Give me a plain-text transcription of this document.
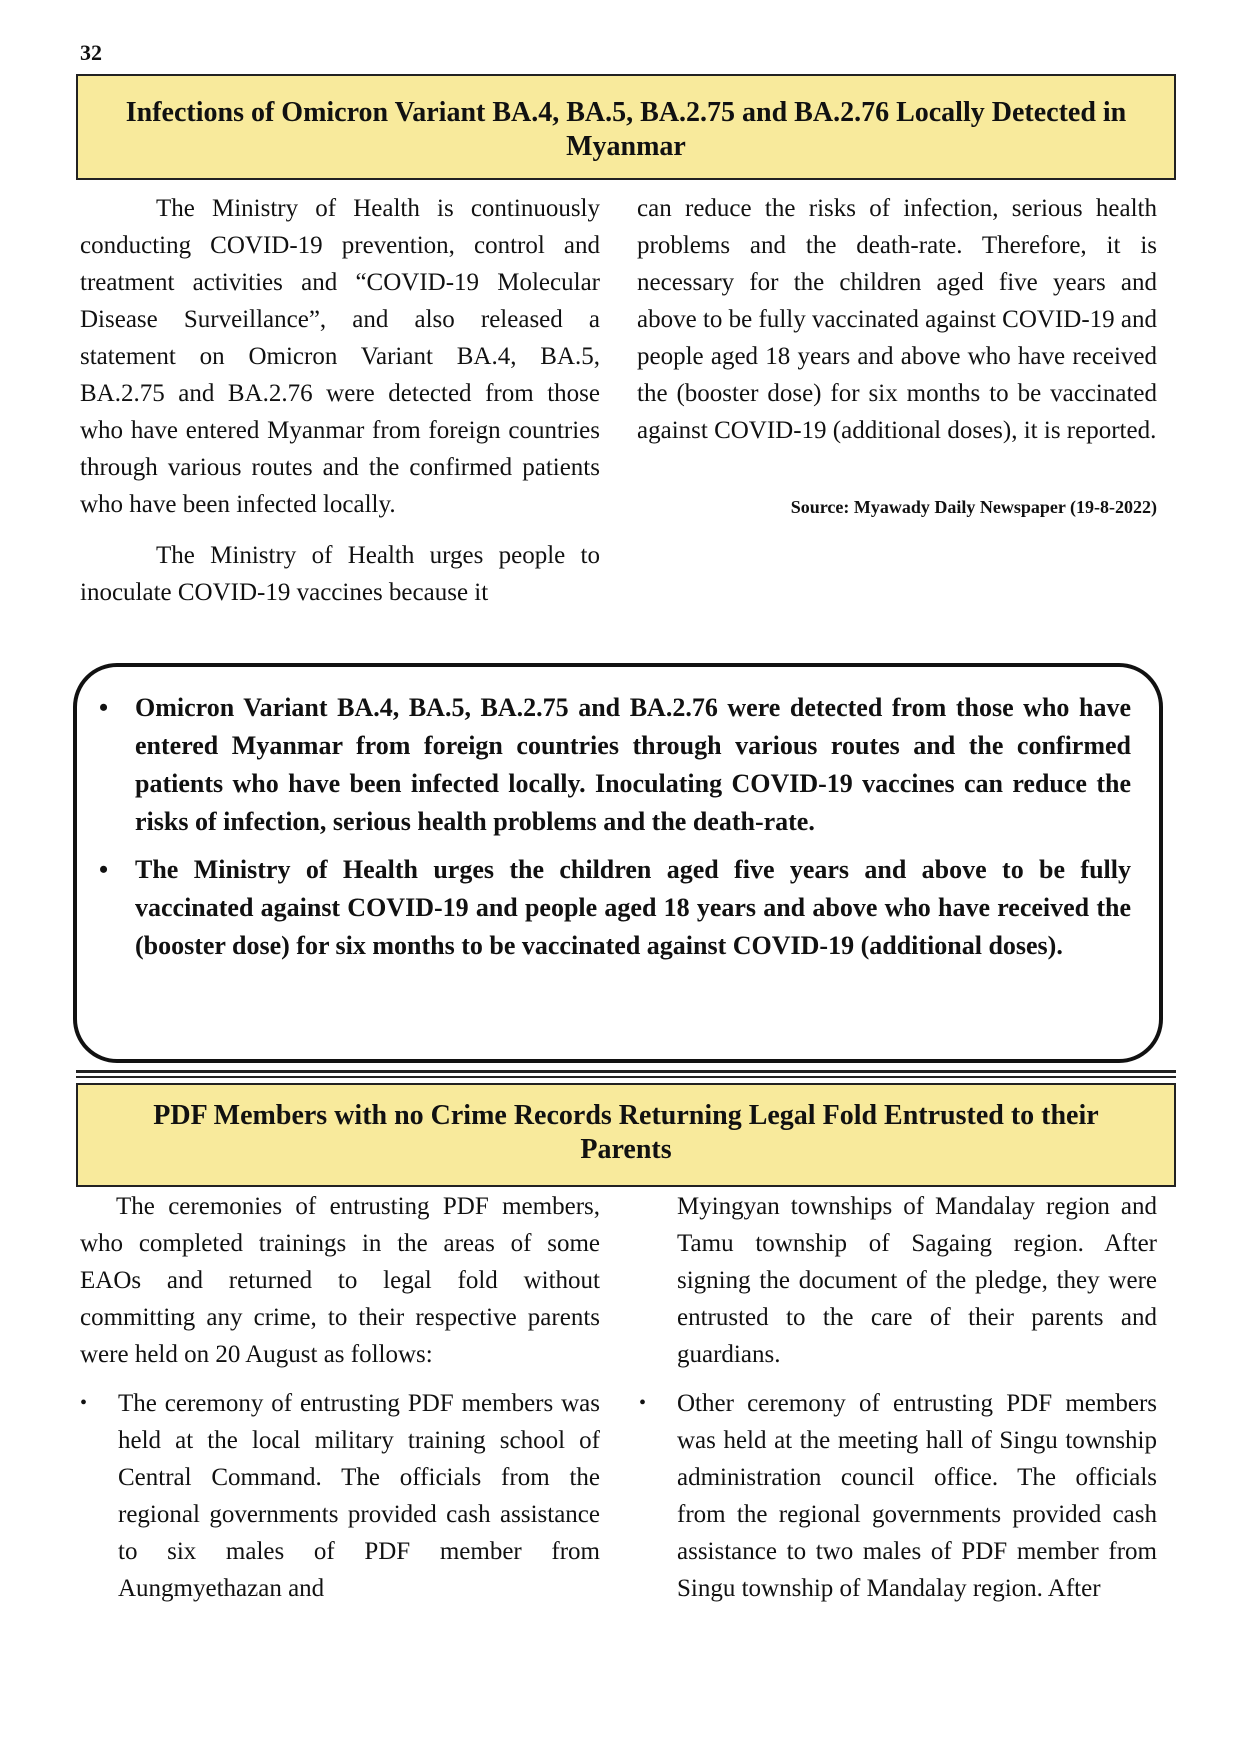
32
Infections of Omicron Variant BA.4, BA.5, BA.2.75 and BA.2.76 Locally Detected in Myanmar

The Ministry of Health is continuously conducting COVID-19 prevention, control and treatment activities and “COVID-19 Molecular Disease Surveillance”, and also released a statement on Omicron Variant BA.4, BA.5, BA.2.75 and BA.2.76 were detected from those who have entered Myanmar from foreign countries through various routes and the confirmed patients who have been infected locally.

The Ministry of Health urges people to inoculate COVID-19 vaccines because it

can reduce the risks of infection, serious health problems and the death-rate. Therefore, it is necessary for the children aged five years and above to be fully vaccinated against COVID-19 and people aged 18 years and above who have received the (booster dose) for six months to be vaccinated against COVID-19 (additional doses), it is reported.

Source: Myawady Daily Newspaper (19-8-2022)

• Omicron Variant BA.4, BA.5, BA.2.75 and BA.2.76 were detected from those who have entered Myanmar from foreign countries through various routes and the confirmed patients who have been infected locally. Inoculating COVID-19 vaccines can reduce the risks of infection, serious health problems and the death-rate.
• The Ministry of Health urges the children aged five years and above to be fully vaccinated against COVID-19 and people aged 18 years and above who have received the (booster dose) for six months to be vaccinated against COVID-19 (additional doses).
PDF Members with no Crime Records Returning Legal Fold Entrusted to their Parents

The ceremonies of entrusting PDF members, who completed trainings in the areas of some EAOs and returned to legal fold without committing any crime, to their respective parents were held on 20 August as follows:

• The ceremony of entrusting PDF members was held at the local military training school of Central Command. The officials from the regional governments provided cash assistance to six males of PDF member from Aungmyethazan and

Myingyan townships of Mandalay region and Tamu township of Sagaing region. After signing the document of the pledge, they were entrusted to the care of their parents and guardians.

• Other ceremony of entrusting PDF members was held at the meeting hall of Singu township administration council office. The officials from the regional governments provided cash assistance to two males of PDF member from Singu township of Mandalay region. After
